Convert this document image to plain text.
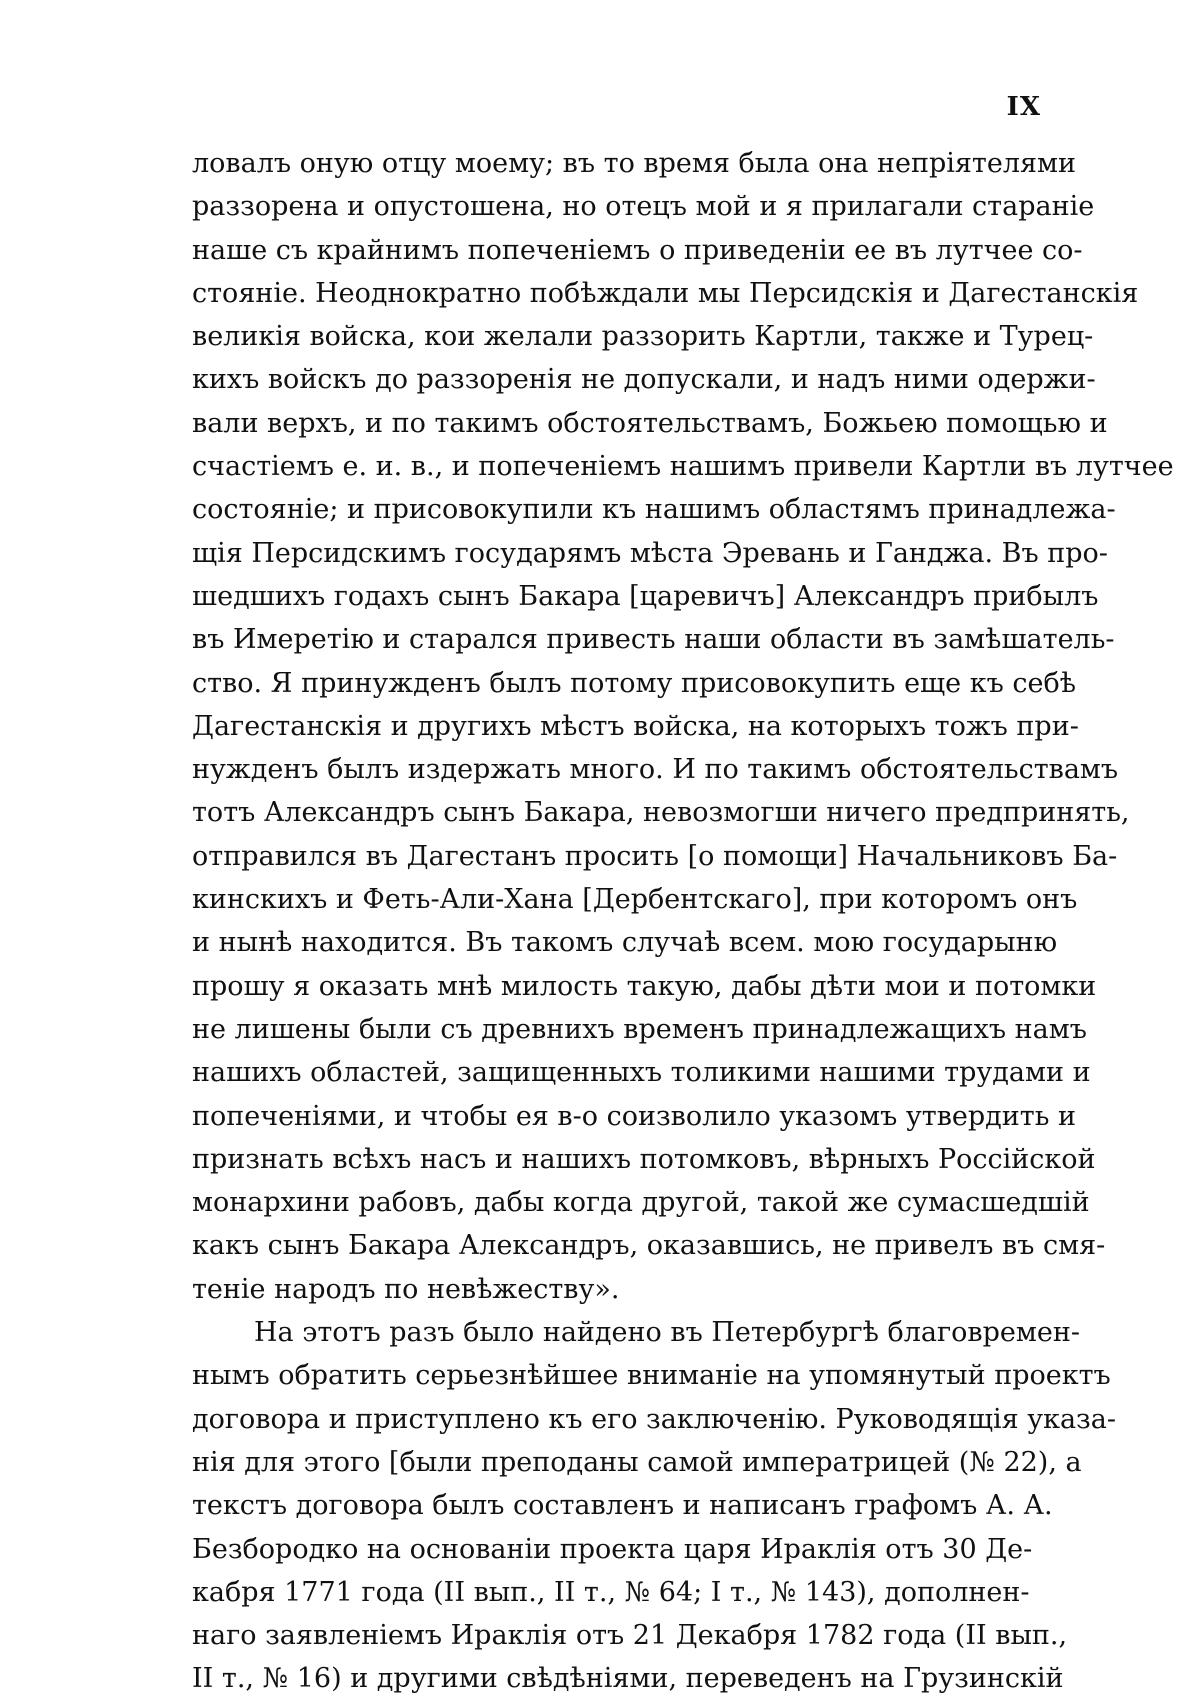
IX
ловалъ оную отцу моему; въ то время была она непріятелями
раззорена и опустошена, но отецъ мой и я прилагали стараніе
наше съ крайнимъ попеченіемъ о приведеніи ее въ лутчее со-
стояніе. Неоднократно побѣждали мы Персидскія и Дагестанскія
великія войска, кои желали раззорить Картли, также и Турец-
кихъ войскъ до раззоренія не допускали, и надъ ними одержи-
вали верхъ, и по такимъ обстоятельствамъ, Божьею помощью и
счастіемъ е. и. в., и попеченіемъ нашимъ привели Картли въ лутчее
состояніе; и присовокупили къ нашимъ областямъ принадлежа-
щія Персидскимъ государямъ мѣста Эревань и Ганджа. Въ про-
шедшихъ годахъ сынъ Бакара [царевичъ] Александръ прибылъ
въ Имеретію и старался привесть наши области въ замѣшатель-
ство. Я принужденъ былъ потому присовокупить еще къ себѣ
Дагестанскія и другихъ мѣстъ войска, на которыхъ тожъ при-
нужденъ былъ издержать много. И по такимъ обстоятельствамъ
тотъ Александръ сынъ Бакара, невозмогши ничего предпринять,
отправился въ Дагестанъ просить [о помощи] Начальниковъ Ба-
кинскихъ и Феть-Али-Хана [Дербентскаго], при которомъ онъ
и нынѣ находится. Въ такомъ случаѣ всем. мою государыню
прошу я оказать мнѣ милость такую, дабы дѣти мои и потомки
не лишены были съ древнихъ временъ принадлежащихъ намъ
нашихъ областей, защищенныхъ толикими нашими трудами и
попеченіями, и чтобы ея в-о соизволило указомъ утвердить и
признать всѣхъ насъ и нашихъ потомковъ, вѣрныхъ Россійской
монархини рабовъ, дабы когда другой, такой же сумасшедшій
какъ сынъ Бакара Александръ, оказавшись, не привелъ въ смя-
теніе народъ по невѣжеству».
На этотъ разъ было найдено въ Петербургѣ благовремен-
нымъ обратить серьезнѣйшее вниманіе на упомянутый проектъ
договора и приступлено къ его заключенію. Руководящія указа-
нія для этого [были преподаны самой императрицей (№ 22), а
текстъ договора былъ составленъ и написанъ графомъ А. А.
Безбородко на основаніи проекта царя Ираклія отъ 30 Де-
кабря 1771 года (II вып., II т., № 64; I т., № 143), дополнен-
наго заявленіемъ Ираклія отъ 21 Декабря 1782 года (II вып.,
II т., № 16) и другими свѣдѣніями, переведенъ на Грузинскій
